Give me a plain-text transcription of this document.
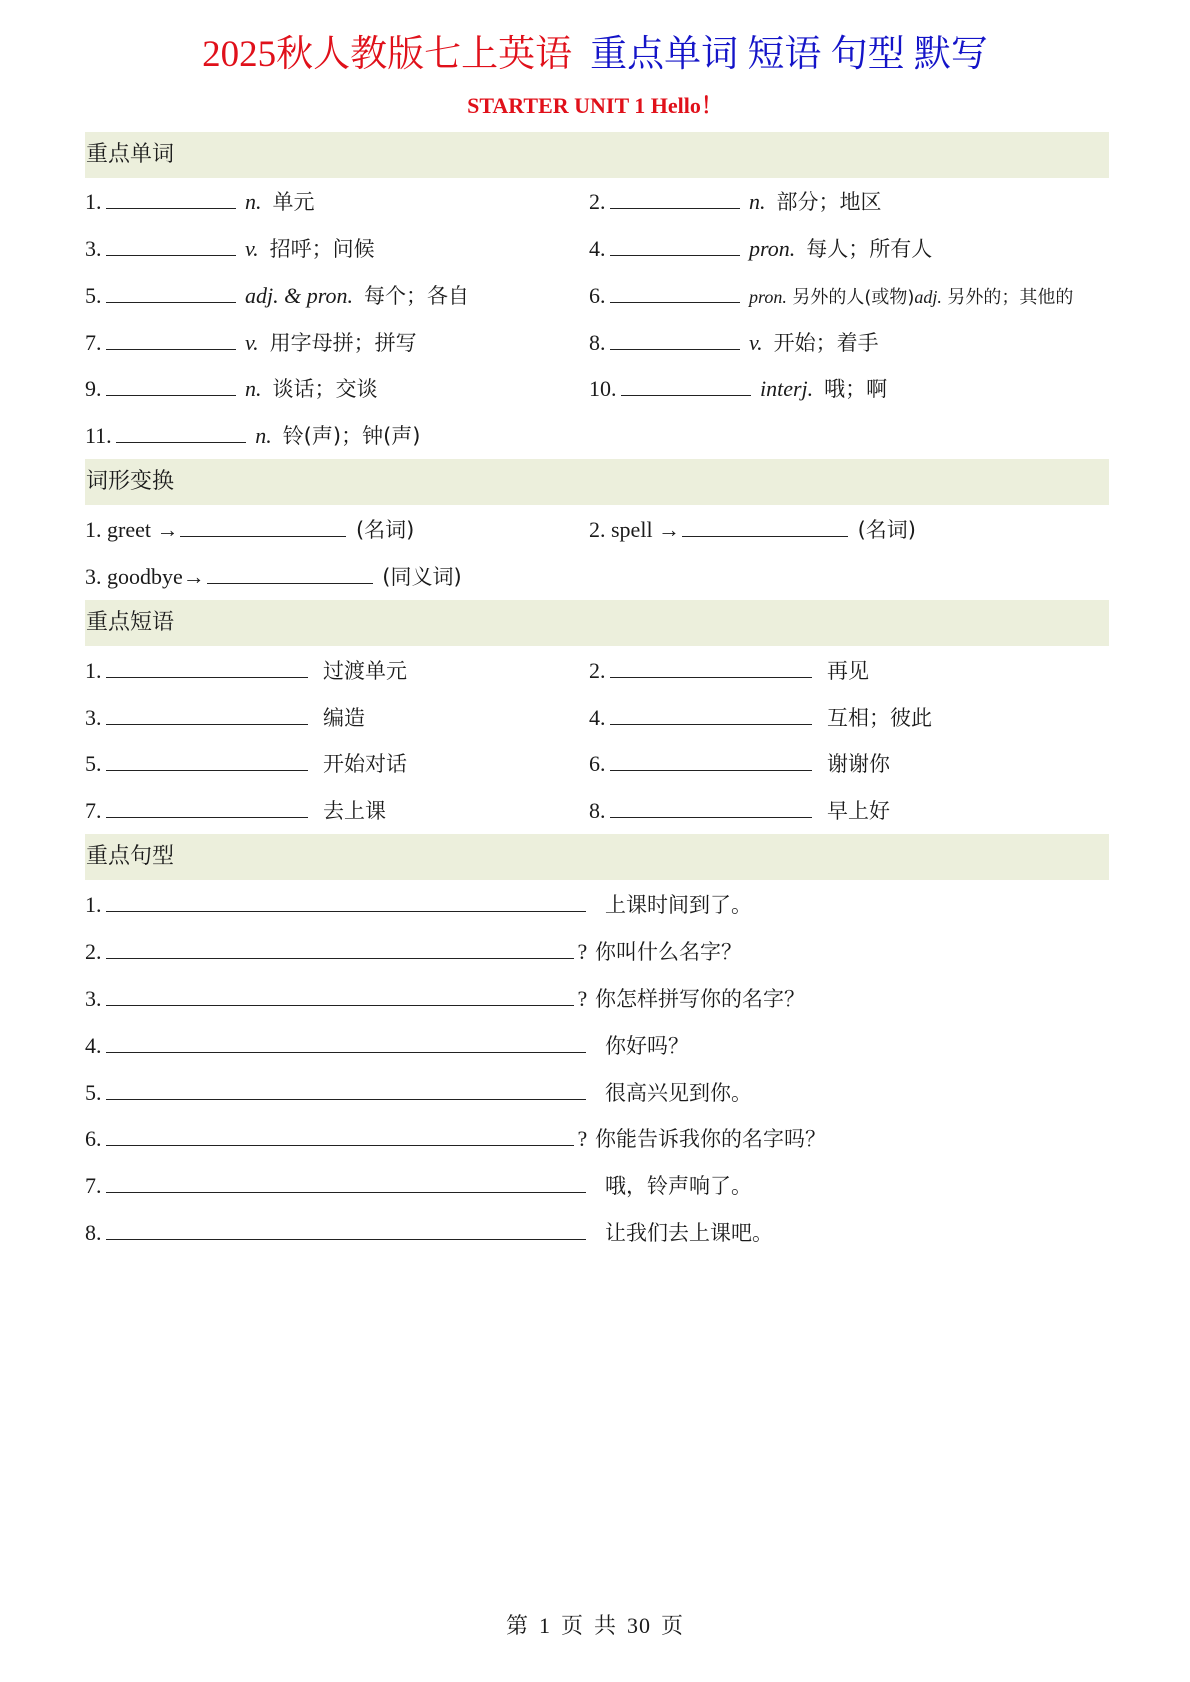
2025秋人教版七上英语 重点单词 短语 句型 默写
STARTER UNIT 1 Hello！
重点单词
1.	n. 单元	2.	n. 部分；地区
3.	v. 招呼；问候	4.	pron. 每人；所有人
5.	adj. & pron. 每个；各自	6.	pron. 另外的人(或物)adj. 另外的；其他的
7.	v. 用字母拼；拼写	8.	v. 开始；着手
9.	n. 谈话；交谈	10.	interj. 哦；啊
11.	n. 铃(声)；钟(声)
词形变换
1. greet →	(名词)	2. spell →	(名词)
3. goodbye→	(同义词)
重点短语
1.	过渡单元	2.	再见
3.	编造	4.	互相；彼此
5.	开始对话	6.	谢谢你
7.	去上课	8.	早上好
重点句型
1.	上课时间到了。
2.	? 你叫什么名字？
3.	? 你怎样拼写你的名字？
4.	你好吗？
5.	很高兴见到你。
6.	? 你能告诉我你的名字吗？
7.	哦，铃声响了。
8.	让我们去上课吧。
第 1 页 共 30 页
